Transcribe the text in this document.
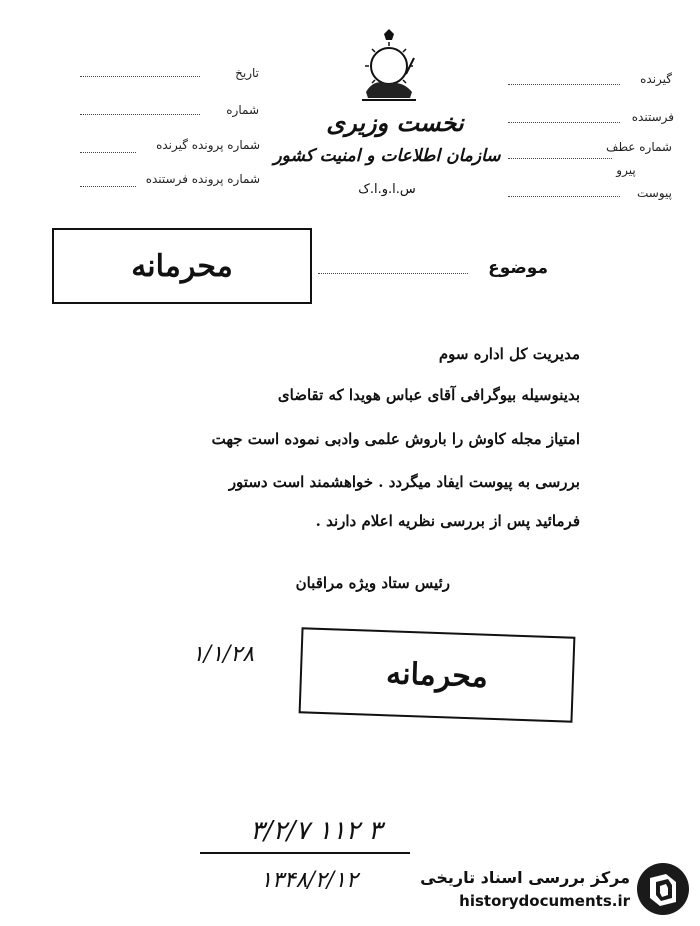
نخست وزیری
سازمان اطلاعات و امنیت کشور
س.ا.و.ا.ک
تاریخ
شماره
شماره پرونده گیرنده
شماره پرونده فرستنده
گیرنده
فرستنده
شماره عطف
پیرو
پیوست
محرمانه	موضوع
مدیریت کل اداره سوم
بدینوسیله بیوگرافی آقای عباس هویدا که تقاضای
امتیاز مجله کاوش را باروش علمی وادبی نموده است جهت
بررسی به پیوست ایفاد میگردد . خواهشمند است دستور
فرمائید پس از بررسی نظریه اعلام دارند .
رئیس ستاد ویژه مراقبان
۱/۱/۲۸
محرمانه
۳ ۱۱۲ ۳/۲/۷
۱۳۴۸/۲/۱۲	مرکز بررسی اسناد تاریخی
historydocuments.ir
